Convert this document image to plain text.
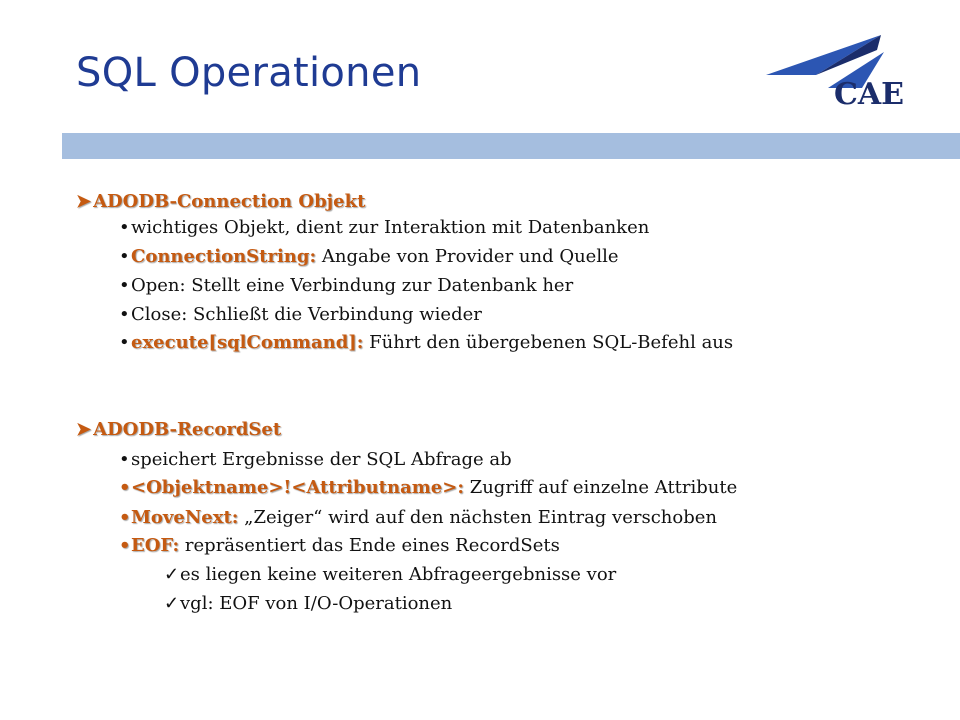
SQL Operationen	CAE
➤ ADODB-Connection Objekt
•wichtiges Objekt, dient zur Interaktion mit Datenbanken
•ConnectionString: Angabe von Provider und Quelle
•Open: Stellt eine Verbindung zur Datenbank her
•Close: Schließt die Verbindung wieder
•execute[sqlCommand]: Führt den übergebenen SQL-Befehl aus
➤ ADODB-RecordSet
•speichert Ergebnisse der SQL Abfrage ab
•<Objektname>!<Attributname>: Zugriff auf einzelne Attribute
•MoveNext: „Zeiger“ wird auf den nächsten Eintrag verschoben
•EOF: repräsentiert das Ende eines RecordSets
✓es liegen keine weiteren Abfrageergebnisse vor
✓vgl: EOF von I/O-Operationen
